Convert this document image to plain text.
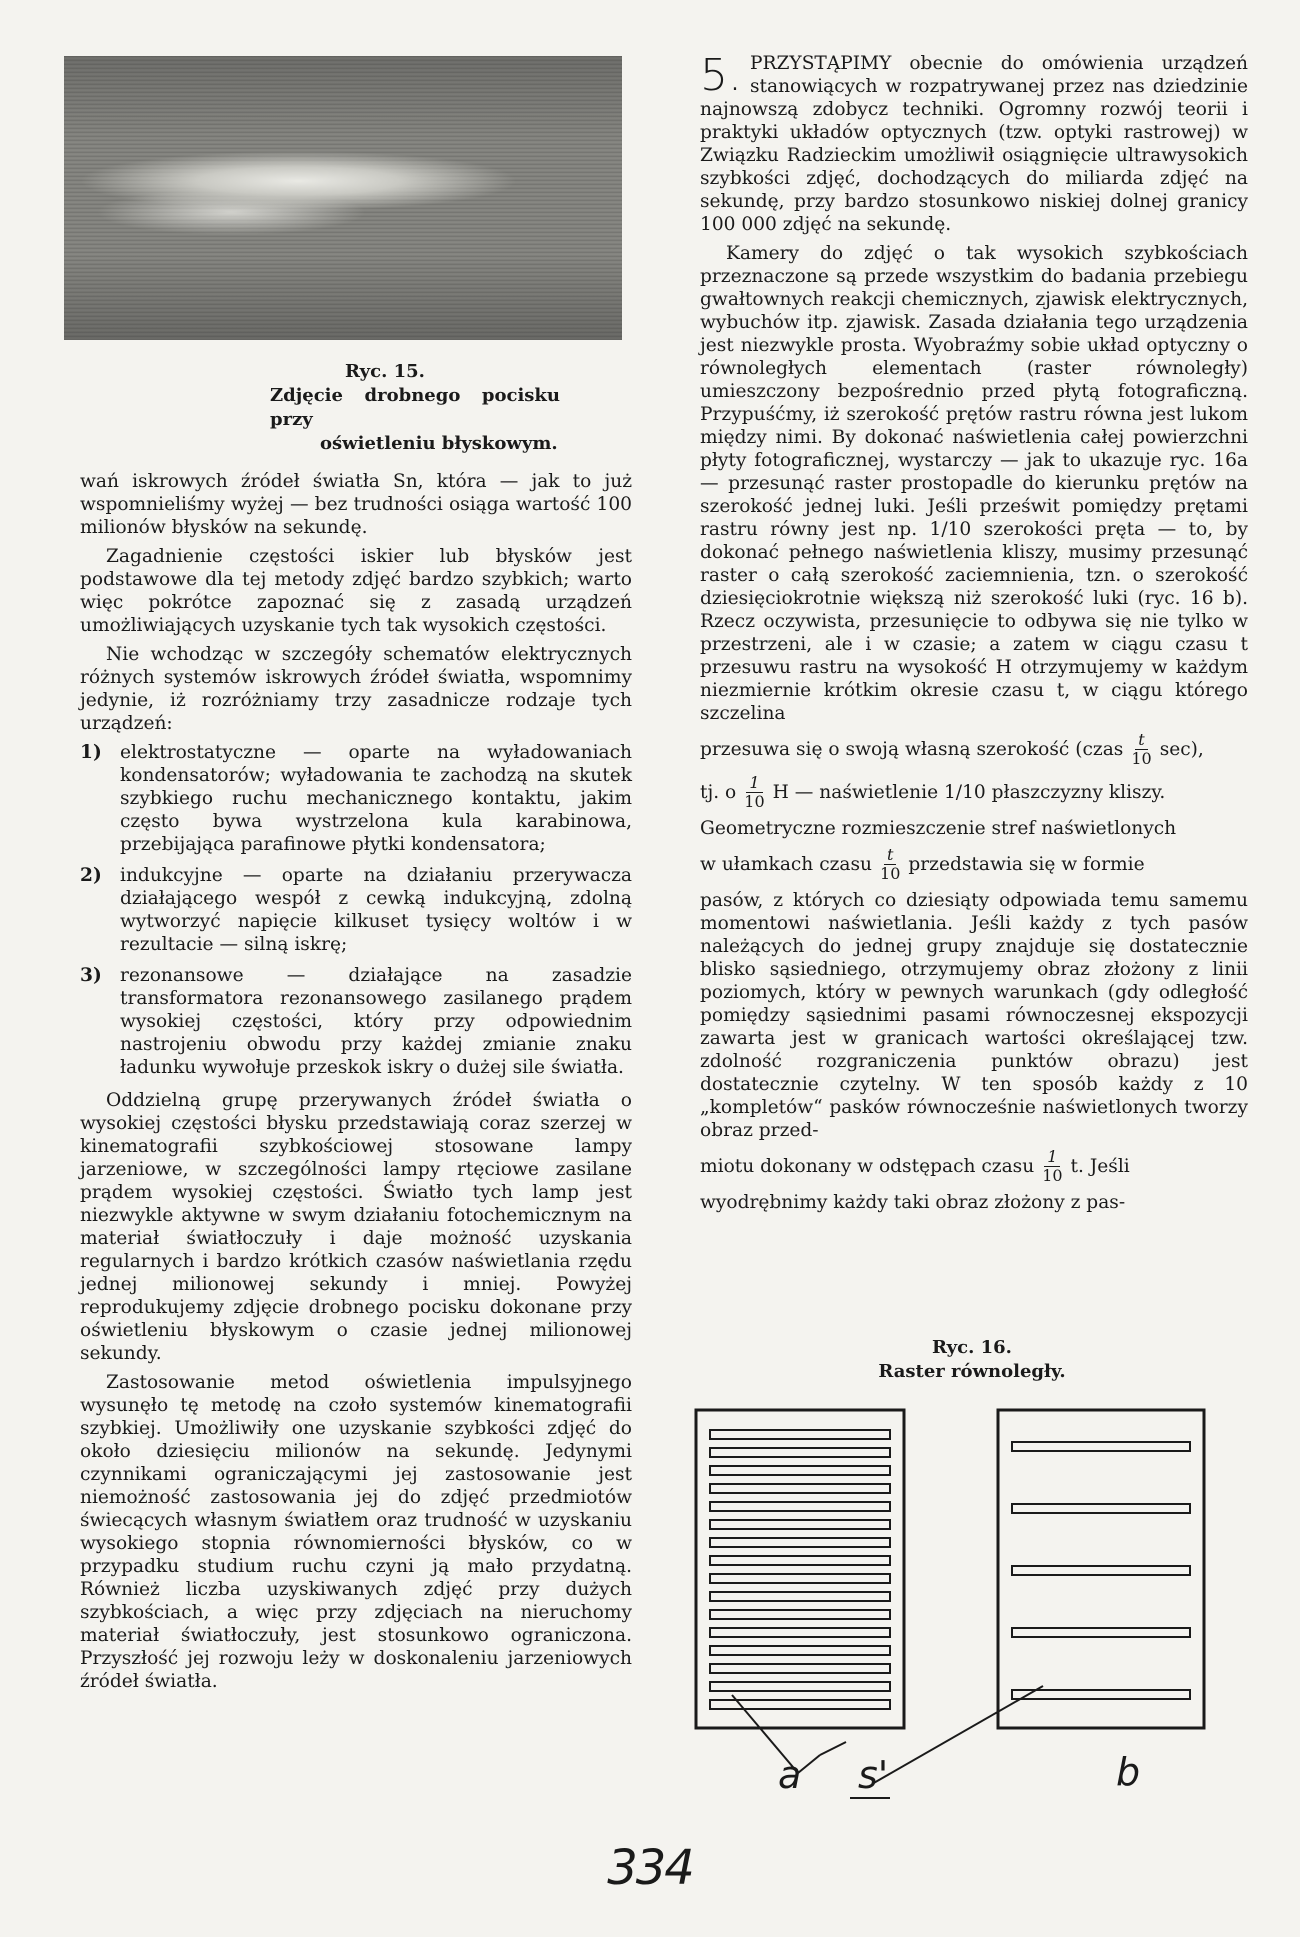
Ryc. 15.
Zdjęcie drobnego pocisku przy
oświetleniu błyskowym.

wań iskrowych źródeł światła Sn, która — jak to już wspomnieliśmy wyżej — bez trudności osiąga wartość 100 milionów błysków na sekundę.

Zagadnienie częstości iskier lub błysków jest podstawowe dla tej metody zdjęć bardzo szybkich; warto więc pokrótce zapoznać się z zasadą urządzeń umożliwiających uzyskanie tych tak wysokich częstości.

Nie wchodząc w szczegóły schematów elektrycznych różnych systemów iskrowych źródeł światła, wspomnimy jedynie, iż rozróżniamy trzy zasadnicze rodzaje tych urządzeń:

1) elektrostatyczne — oparte na wyładowaniach kondensatorów; wyładowania te zachodzą na skutek szybkiego ruchu mechanicznego kontaktu, jakim często bywa wystrzelona kula karabinowa, przebijająca parafinowe płytki kondensatora;
2) indukcyjne — oparte na działaniu przerywacza działającego wespół z cewką indukcyjną, zdolną wytworzyć napięcie kilkuset tysięcy woltów i w rezultacie — silną iskrę;
3) rezonansowe — działające na zasadzie transformatora rezonansowego zasilanego prądem wysokiej częstości, który przy odpowiednim nastrojeniu obwodu przy każdej zmianie znaku ładunku wywołuje przeskok iskry o dużej sile światła.

Oddzielną grupę przerywanych źródeł światła o wysokiej częstości błysku przedstawiają coraz szerzej w kinematografii szybkościowej stosowane lampy jarzeniowe, w szczególności lampy rtęciowe zasilane prądem wysokiej częstości. Światło tych lamp jest niezwykle aktywne w swym działaniu fotochemicznym na materiał światłoczuły i daje możność uzyskania regularnych i bardzo krótkich czasów naświetlania rzędu jednej milionowej sekundy i mniej. Powyżej reprodukujemy zdjęcie drobnego pocisku dokonane przy oświetleniu błyskowym o czasie jednej milionowej sekundy.

Zastosowanie metod oświetlenia impulsyjnego wysunęło tę metodę na czoło systemów kinematografii szybkiej. Umożliwiły one uzyskanie szybkości zdjęć do około dziesięciu milionów na sekundę. Jedynymi czynnikami ograniczającymi jej zastosowanie jest niemożność zastosowania jej do zdjęć przedmiotów świecących własnym światłem oraz trudność w uzyskaniu wysokiego stopnia równomierności błysków, co w przypadku studium ruchu czyni ją mało przydatną. Również liczba uzyskiwanych zdjęć przy dużych szybkościach, a więc przy zdjęciach na nieruchomy materiał światłoczuły, jest stosunkowo ograniczona. Przyszłość jej rozwoju leży w doskonaleniu jarzeniowych źródeł światła.

5. PRZYSTĄPIMY obecnie do omówienia urządzeń stanowiących w rozpatrywanej przez nas dziedzinie najnowszą zdobycz techniki. Ogromny rozwój teorii i praktyki układów optycznych (tzw. optyki rastrowej) w Związku Radzieckim umożliwił osiągnięcie ultrawysokich szybkości zdjęć, dochodzących do miliarda zdjęć na sekundę, przy bardzo stosunkowo niskiej dolnej granicy 100 000 zdjęć na sekundę.

Kamery do zdjęć o tak wysokich szybkościach przeznaczone są przede wszystkim do badania przebiegu gwałtownych reakcji chemicznych, zjawisk elektrycznych, wybuchów itp. zjawisk. Zasada działania tego urządzenia jest niezwykle prosta. Wyobraźmy sobie układ optyczny o równoległych elementach (raster równoległy) umieszczony bezpośrednio przed płytą fotograficzną. Przypuśćmy, iż szerokość prętów rastru równa jest lukom między nimi. By dokonać naświetlenia całej powierzchni płyty fotograficznej, wystarczy — jak to ukazuje ryc. 16a — przesunąć raster prostopadle do kierunku prętów na szerokość jednej luki. Jeśli prześwit pomiędzy prętami rastru równy jest np. 1/10 szerokości pręta — to, by dokonać pełnego naświetlenia kliszy, musimy przesunąć raster o całą szerokość zaciemnienia, tzn. o szerokość dziesięciokrotnie większą niż szerokość luki (ryc. 16 b). Rzecz oczywista, przesunięcie to odbywa się nie tylko w przestrzeni, ale i w czasie; a zatem w ciągu czasu t przesuwu rastru na wysokość H otrzymujemy w każdym niezmiernie krótkim okresie czasu t, w ciągu którego szczelina

przesuwa się o swoją własną szerokość (czas $\frac{t}{10} \sec$),
tj. o $\frac{1}{10}$ H — naświetlenie 1/10 płaszczyzny kliszy.
Geometryczne rozmieszczenie stref naświetlonych
w ułamkach czasu $\frac{t}{10}$ przedstawia się w formie

pasów, z których co dziesiąty odpowiada temu samemu momentowi naświetlania. Jeśli każdy z tych pasów należących do jednej grupy znajduje się dostatecznie blisko sąsiedniego, otrzymujemy obraz złożony z linii poziomych, który w pewnych warunkach (gdy odległość pomiędzy sąsiednimi pasami równoczesnej ekspozycji zawarta jest w granicach wartości określającej tzw. zdolność rozgraniczenia punktów obrazu) jest dostatecznie czytelny. W ten sposób każdy z 10 „kompletów“ pasków równocześnie naświetlonych tworzy obraz przed-

miotu dokonany w odstępach czasu $\frac{1}{10} t$. Jeśli

wyodrębnimy każdy taki obraz złożony z pas-

Ryc. 16.
Raster równoległy.
a s'	b
334
